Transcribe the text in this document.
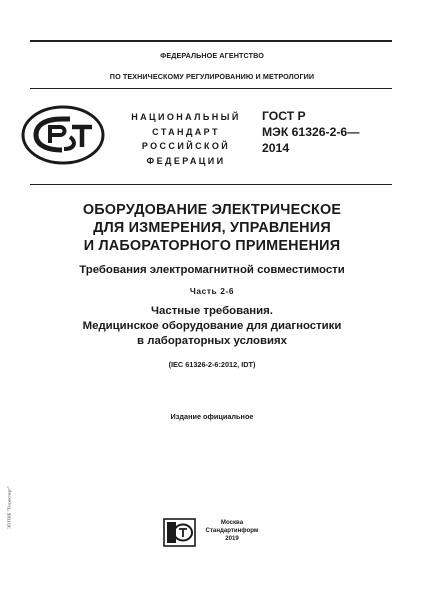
ФЕДЕРАЛЬНОЕ АГЕНТСТВО
ПО ТЕХНИЧЕСКОМУ РЕГУЛИРОВАНИЮ И МЕТРОЛОГИИ
НАЦИОНАЛЬНЫЙ
СТАНДАРТ
РОССИЙСКОЙ
ФЕДЕРАЦИИ
ГОСТ Р
МЭК 61326-2-6—
2014
ОБОРУДОВАНИЕ ЭЛЕКТРИЧЕСКОЕ
ДЛЯ ИЗМЕРЕНИЯ, УПРАВЛЕНИЯ
И ЛАБОРАТОРНОГО ПРИМЕНЕНИЯ
Требования электромагнитной совместимости
Часть 2-6
Частные требования.
Медицинское оборудование для диагностики
в лабораторных условиях
(IEC 61326-2-6:2012, IDT)
Издание официальное
Москва
Стандартинформ
2019
ЭЛ ПНБ "Техэксперт"
